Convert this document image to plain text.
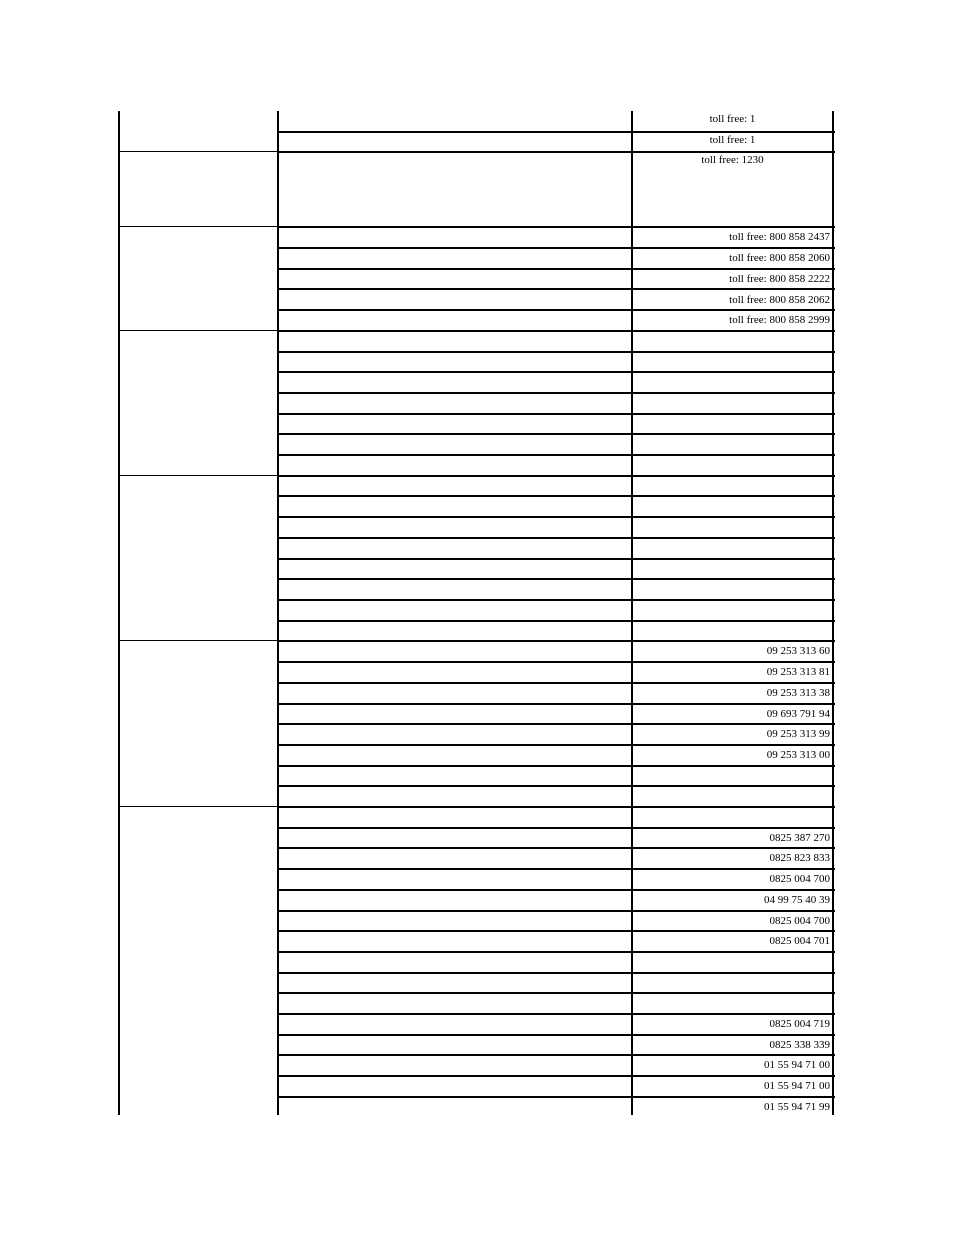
toll free: 1
toll free: 1
toll free: 1230
toll free: 800 858 2437
toll free: 800 858 2060
toll free: 800 858 2222
toll free: 800 858 2062
toll free: 800 858 2999
09 253 313 60
09 253 313 81
09 253 313 38
09 693 791 94
09 253 313 99
09 253 313 00
0825 387 270
0825 823 833
0825 004 700
04 99 75 40 39
0825 004 700
0825 004 701
0825 004 719
0825 338 339
01 55 94 71 00
01 55 94 71 00
01 55 94 71 99
